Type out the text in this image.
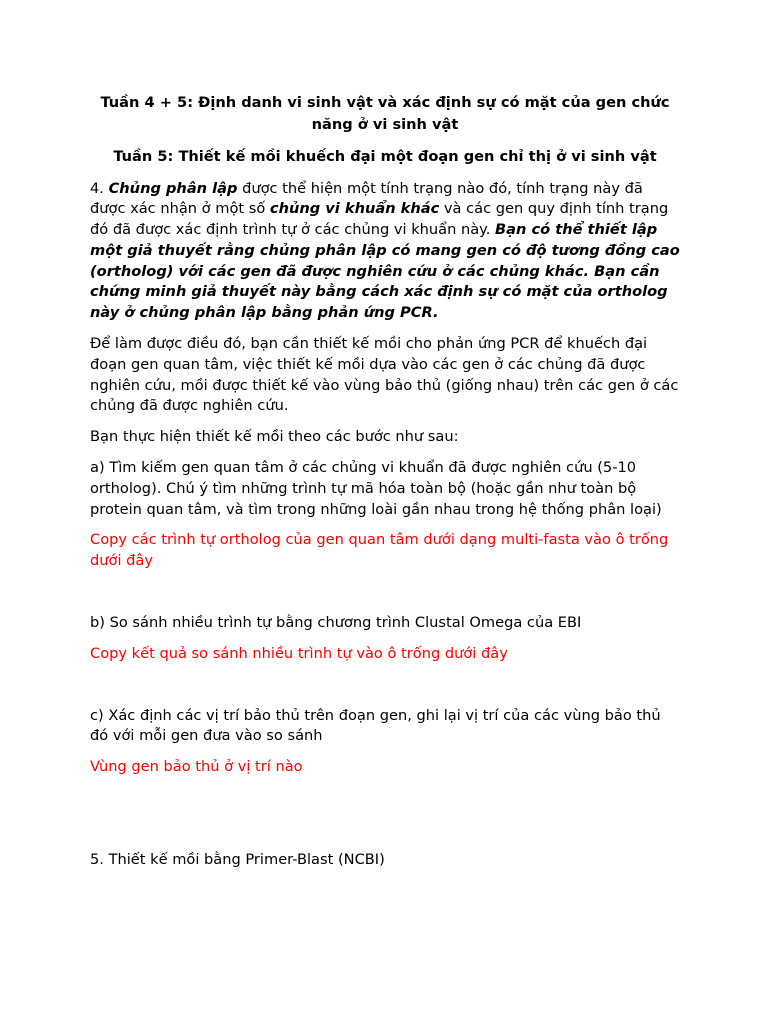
Tuần 4 + 5: Định danh vi sinh vật và xác định sự có mặt của gen chức năng ở vi sinh vật

Tuần 5: Thiết kế mồi khuếch đại một đoạn gen chỉ thị ở vi sinh vật

4. Chủng phân lập được thể hiện một tính trạng nào đó, tính trạng này đã được xác nhận ở một số chủng vi khuẩn khác và các gen quy định tính trạng đó đã được xác định trình tự ở các chủng vi khuẩn này. Bạn có thể thiết lập một giả thuyết rằng chủng phân lập có mang gen có độ tương đồng cao (ortholog) với các gen đã được nghiên cứu ở các chủng khác. Bạn cần chứng minh giả thuyết này bằng cách xác định sự có mặt của ortholog này ở chủng phân lập bằng phản ứng PCR.

Để làm được điều đó, bạn cần thiết kế mồi cho phản ứng PCR để khuếch đại đoạn gen quan tâm, việc thiết kế mồi dựa vào các gen ở các chủng đã được nghiên cứu, mồi được thiết kế vào vùng bảo thủ (giống nhau) trên các gen ở các chủng đã được nghiên cứu.

Bạn thực hiện thiết kế mồi theo các bước như sau:

a) Tìm kiếm gen quan tâm ở các chủng vi khuẩn đã được nghiên cứu (5-10 ortholog). Chú ý tìm những trình tự mã hóa toàn bộ (hoặc gần như toàn bộ protein quan tâm, và tìm trong những loài gần nhau trong hệ thống phân loại)

Copy các trình tự ortholog của gen quan tâm dưới dạng multi-fasta vào ô trống dưới đây

b) So sánh nhiều trình tự bằng chương trình Clustal Omega của EBI

Copy kết quả so sánh nhiều trình tự vào ô trống dưới đây

c) Xác định các vị trí bảo thủ trên đoạn gen, ghi lại vị trí của các vùng bảo thủ đó với mỗi gen đưa vào so sánh

Vùng gen bảo thủ ở vị trí nào

5. Thiết kế mồi bằng Primer-Blast (NCBI)
